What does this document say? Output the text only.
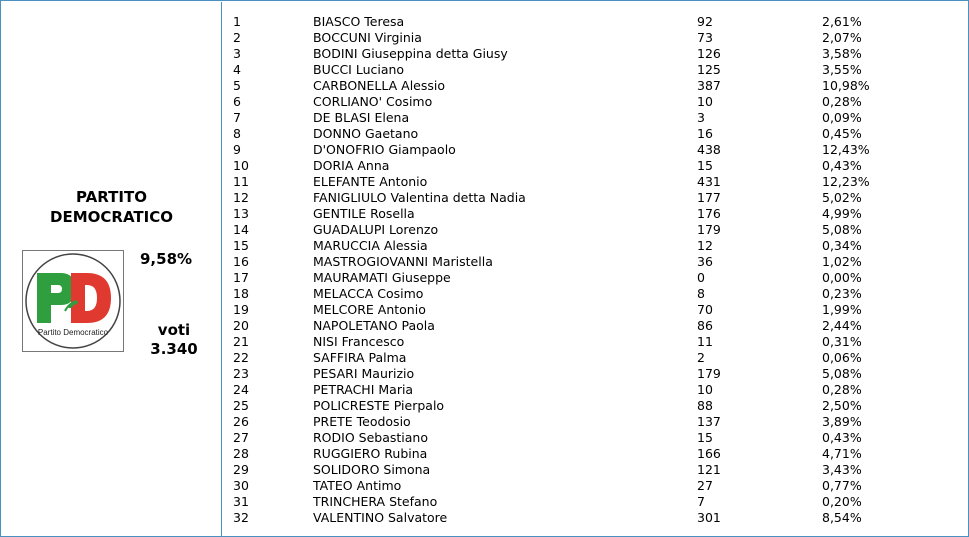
PARTITO
DEMOCRATICO
Partito Democratico
9,58%
voti
3.340
1	BIASCO Teresa	92	2,61%
2	BOCCUNI Virginia	73	2,07%
3	BODINI Giuseppina detta Giusy	126	3,58%
4	BUCCI Luciano	125	3,55%
5	CARBONELLA Alessio	387	10,98%
6	CORLIANO' Cosimo	10	0,28%
7	DE BLASI Elena	3	0,09%
8	DONNO Gaetano	16	0,45%
9	D'ONOFRIO Giampaolo	438	12,43%
10	DORIA Anna	15	0,43%
11	ELEFANTE Antonio	431	12,23%
12	FANIGLIULO Valentina detta Nadia	177	5,02%
13	GENTILE Rosella	176	4,99%
14	GUADALUPI Lorenzo	179	5,08%
15	MARUCCIA Alessia	12	0,34%
16	MASTROGIOVANNI Maristella	36	1,02%
17	MAURAMATI Giuseppe	0	0,00%
18	MELACCA Cosimo	8	0,23%
19	MELCORE Antonio	70	1,99%
20	NAPOLETANO Paola	86	2,44%
21	NISI Francesco	11	0,31%
22	SAFFIRA Palma	2	0,06%
23	PESARI Maurizio	179	5,08%
24	PETRACHI Maria	10	0,28%
25	POLICRESTE Pierpalo	88	2,50%
26	PRETE Teodosio	137	3,89%
27	RODIO Sebastiano	15	0,43%
28	RUGGIERO Rubina	166	4,71%
29	SOLIDORO Simona	121	3,43%
30	TATEO Antimo	27	0,77%
31	TRINCHERA Stefano	7	0,20%
32	VALENTINO Salvatore	301	8,54%
